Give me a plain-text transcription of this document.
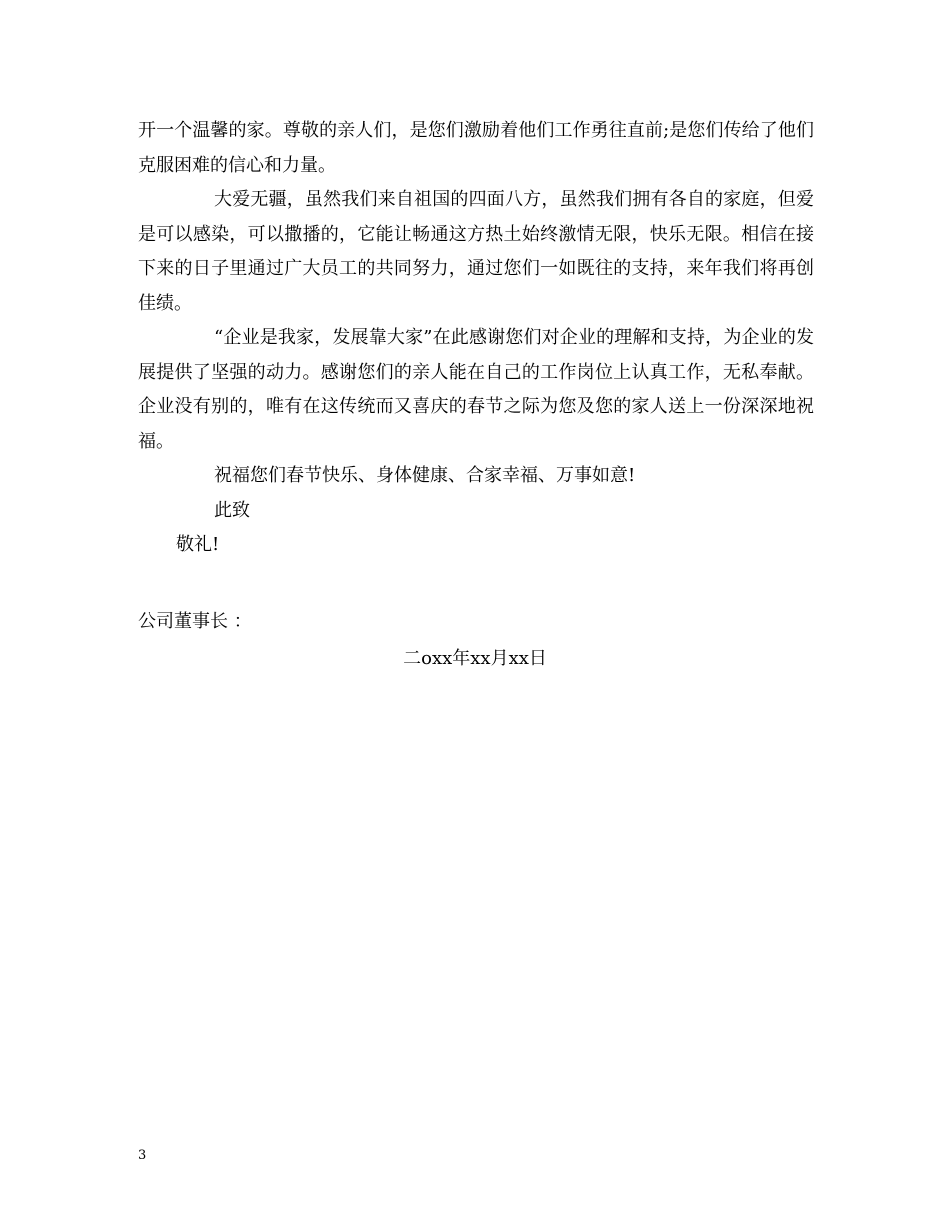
开一个温馨的家。尊敬的亲人们，是您们激励着他们工作勇往直前;是您们传给了他们克服困难的信心和力量。

大爱无疆，虽然我们来自祖国的四面八方，虽然我们拥有各自的家庭，但爱是可以感染，可以撒播的，它能让畅通这方热土始终激情无限，快乐无限。相信在接下来的日子里通过广大员工的共同努力，通过您们一如既往的支持，来年我们将再创佳绩。

“企业是我家，发展靠大家”在此感谢您们对企业的理解和支持，为企业的发展提供了坚强的动力。感谢您们的亲人能在自己的工作岗位上认真工作，无私奉献。企业没有别的，唯有在这传统而又喜庆的春节之际为您及您的家人送上一份深深地祝福。

祝福您们春节快乐、身体健康、合家幸福、万事如意!

此致

敬礼!

公司董事长 ：
二oxx年xx月xx日
3
